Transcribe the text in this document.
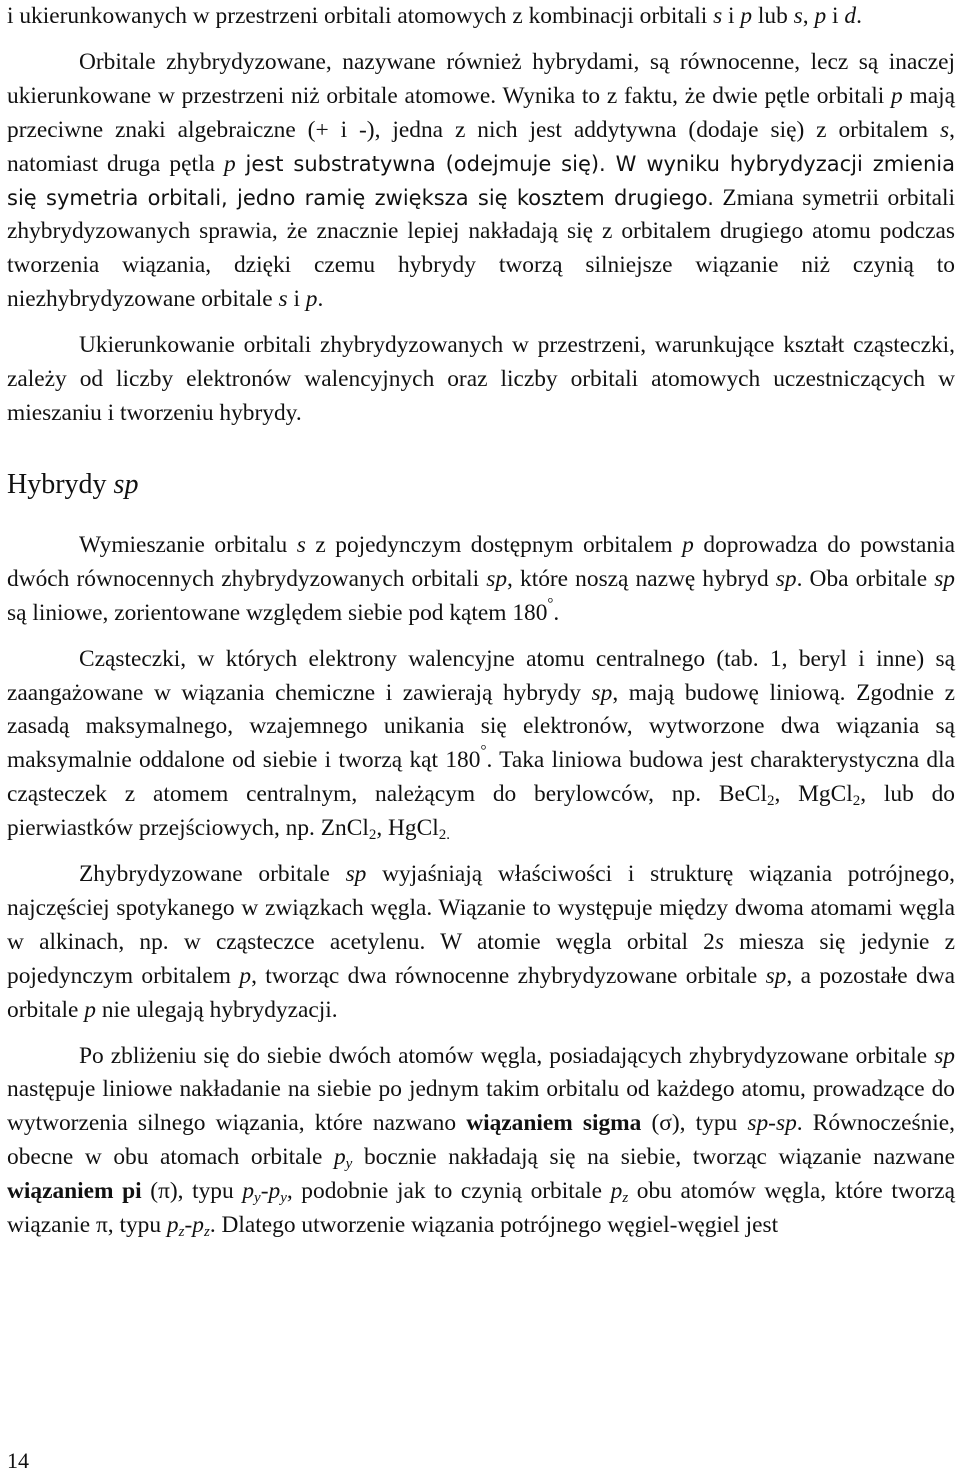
i ukierunkowanych w przestrzeni orbitali atomowych z kombinacji orbitali s i p lub s, p i d.

Orbitale zhybrydyzowane, nazywane również hybrydami, są równocenne, lecz są inaczej ukierunkowane w przestrzeni niż orbitale atomowe. Wynika to z faktu, że dwie pętle orbitali p mają przeciwne znaki algebraiczne (+ i -), jedna z nich jest addytywna (dodaje się) z orbitalem s, natomiast druga pętla p jest substratywna (odejmuje się). W wyniku hybrydyzacji zmienia się symetria orbitali, jedno ramię zwiększa się kosztem drugiego. Zmiana symetrii orbitali zhybrydyzowanych sprawia, że znacznie lepiej nakładają się z orbitalem drugiego atomu podczas tworzenia wiązania, dzięki czemu hybrydy tworzą silniejsze wiązanie niż czynią to niezhybrydyzowane orbitale s i p.

Ukierunkowanie orbitali zhybrydyzowanych w przestrzeni, warunkujące kształt cząsteczki, zależy od liczby elektronów walencyjnych oraz liczby orbitali atomowych uczestniczących w mieszaniu i tworzeniu hybrydy.

Hybrydy sp

Wymieszanie orbitalu s z pojedynczym dostępnym orbitalem p doprowadza do powstania dwóch równocennych zhybrydyzowanych orbitali sp, które noszą nazwę hybryd sp. Oba orbitale sp są liniowe, zorientowane względem siebie pod kątem 180°.

Cząsteczki, w których elektrony walencyjne atomu centralnego (tab. 1, beryl i inne) są zaangażowane w wiązania chemiczne i zawierają hybrydy sp, mają budowę liniową. Zgodnie z zasadą maksymalnego, wzajemnego unikania się elektronów, wytworzone dwa wiązania są maksymalnie oddalone od siebie i tworzą kąt 180°. Taka liniowa budowa jest charakterystyczna dla cząsteczek z atomem centralnym, należącym do berylowców, np. BeCl$_2$, MgCl$_2$, lub do pierwiastków przejściowych, np. ZnCl$_2$, HgCl$_{2.}$

Zhybrydyzowane orbitale sp wyjaśniają właściwości i strukturę wiązania potrójnego, najczęściej spotykanego w związkach węgla. Wiązanie to występuje między dwoma atomami węgla w alkinach, np. w cząsteczce acetylenu. W atomie węgla orbital 2s miesza się jedynie z pojedynczym orbitalem p, tworząc dwa równocenne zhybrydyzowane orbitale sp, a pozostałe dwa orbitale p nie ulegają hybrydyzacji.

Po zbliżeniu się do siebie dwóch atomów węgla, posiadających zhybrydyzowane orbitale sp następuje liniowe nakładanie na siebie po jednym takim orbitalu od każdego atomu, prowadzące do wytworzenia silnego wiązania, które nazwano wiązaniem sigma (σ), typu sp-sp. Równocześnie, obecne w obu atomach orbitale $p_y$ bocznie nakładają się na siebie, tworząc wiązanie nazwane wiązaniem pi (π), typu $p_y-p_y$, podobnie jak to czynią orbitale $p_z$ obu atomów węgla, które tworzą wiązanie π, typu $p_z-p_z$. Dlatego utworzenie wiązania potrójnego węgiel-węgiel jest

14
